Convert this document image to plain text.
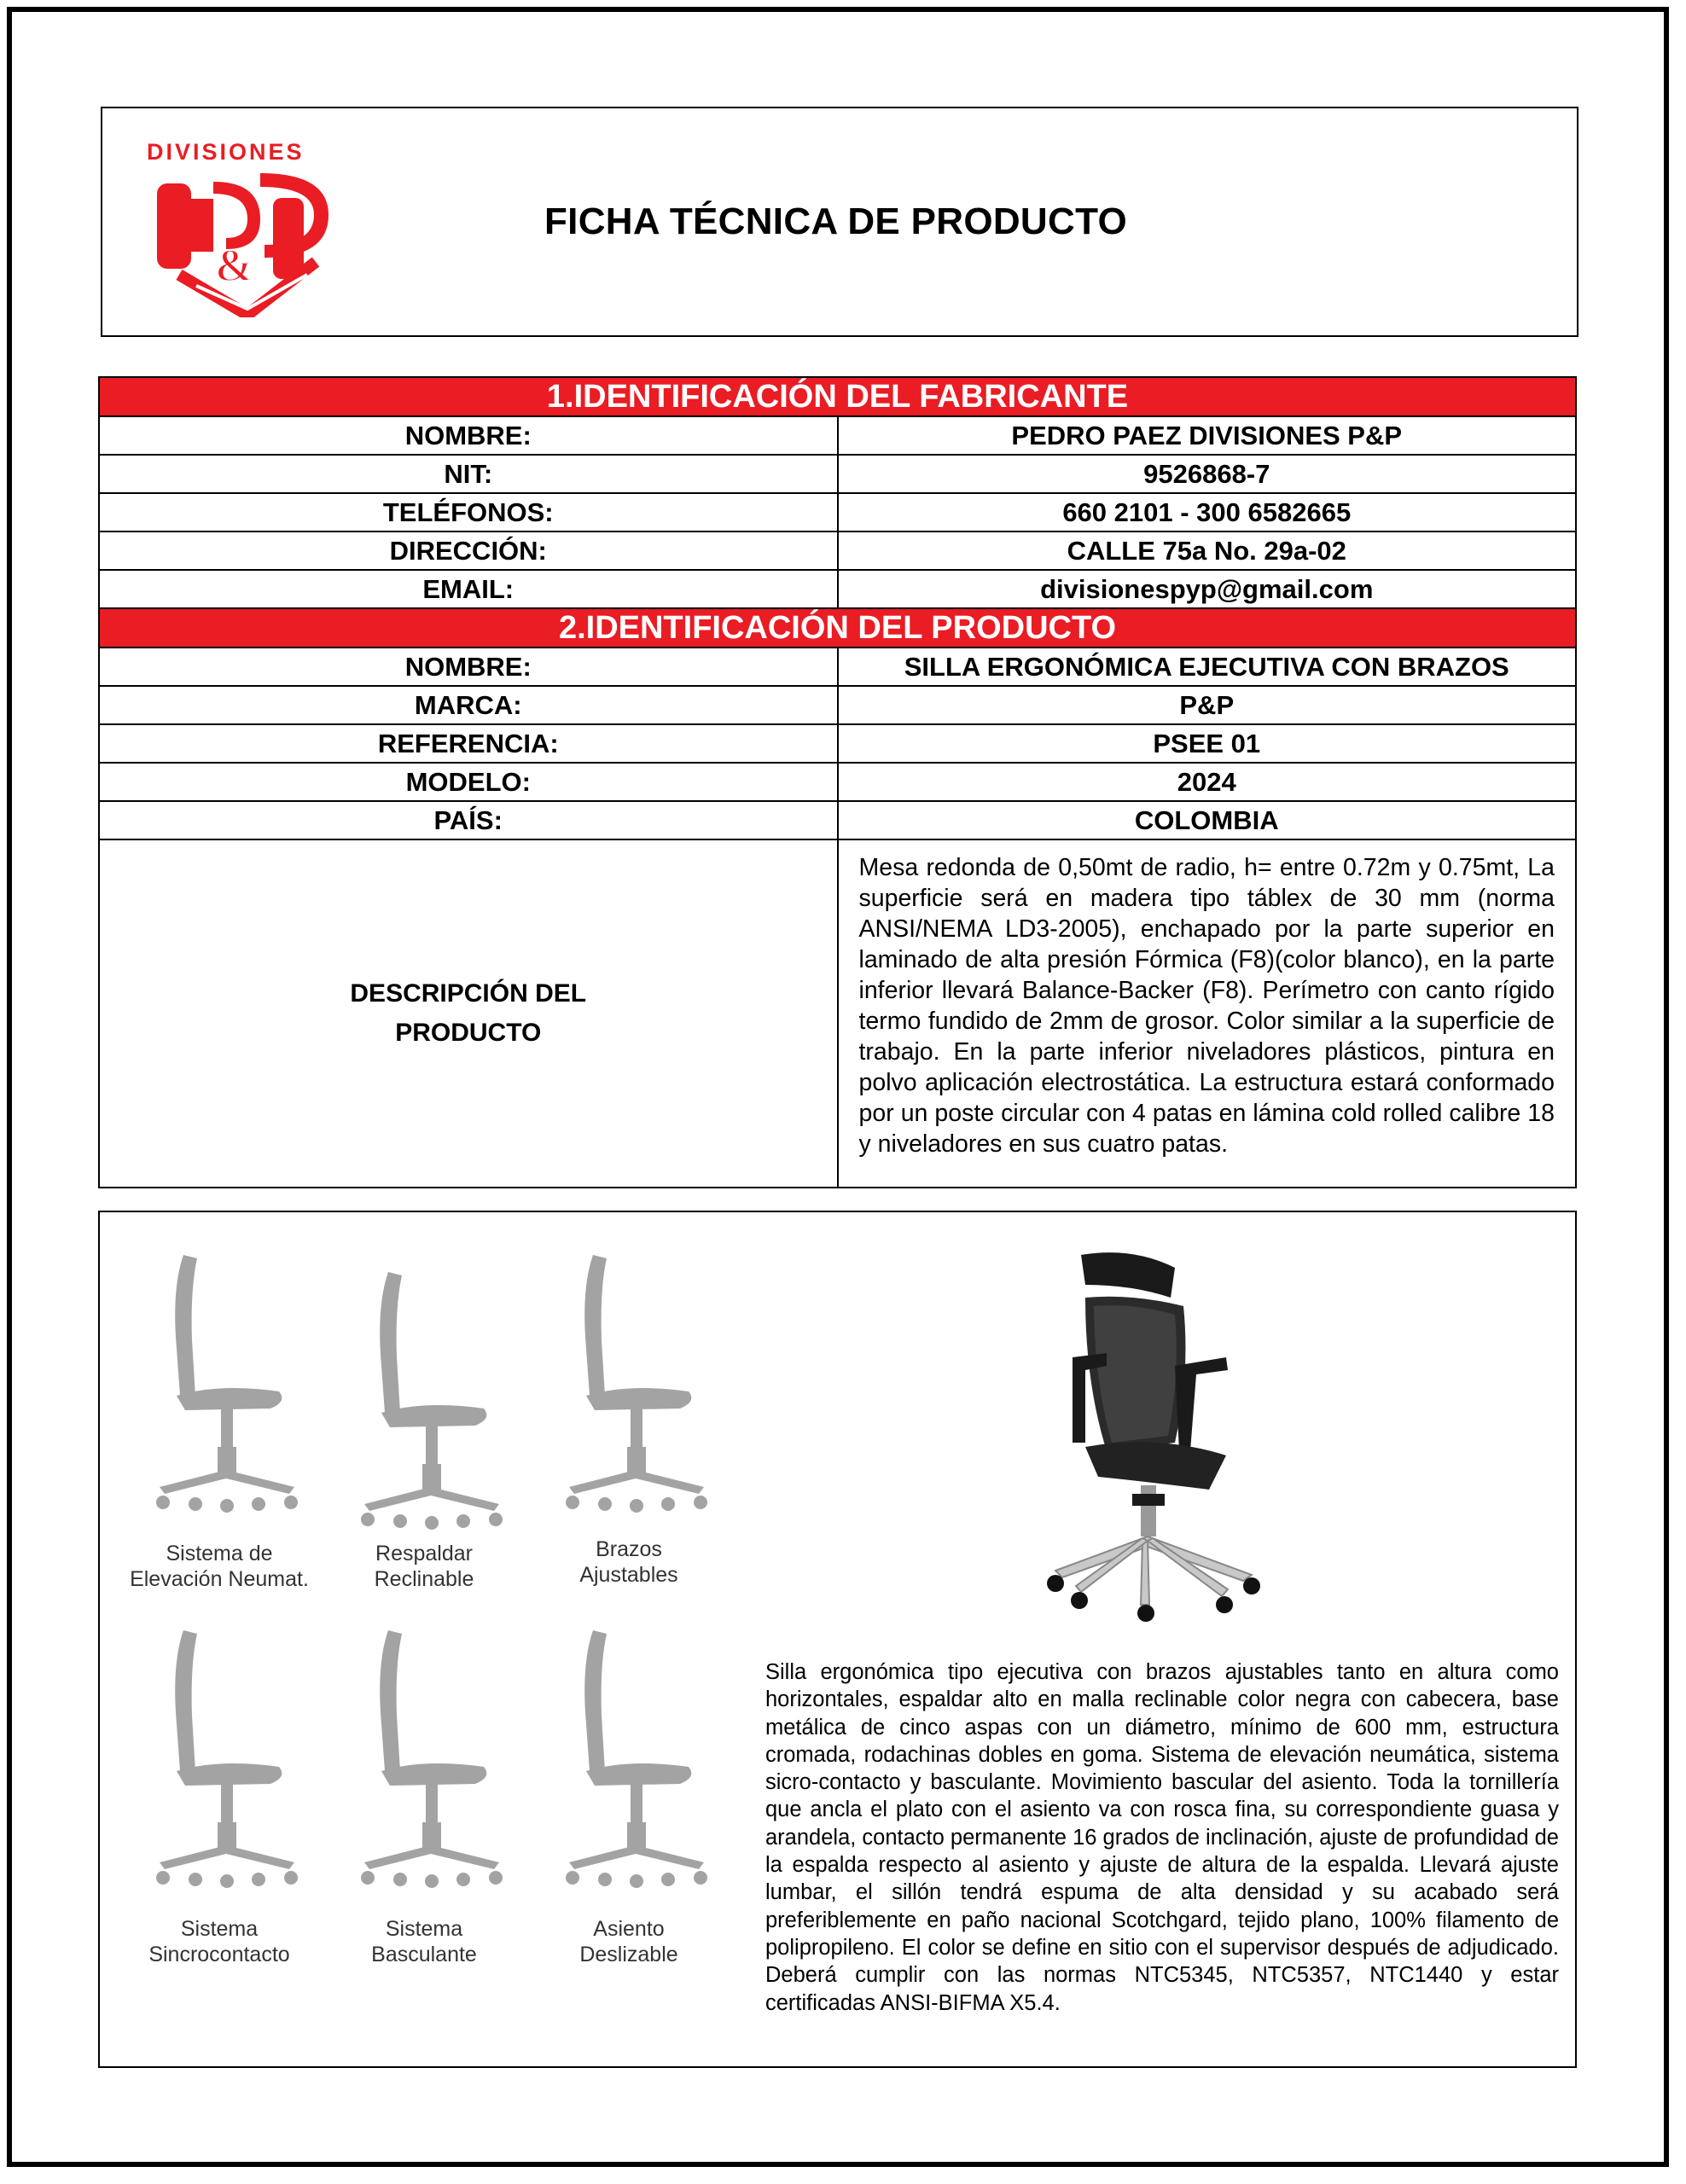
DIVISIONES
&
FICHA TÉCNICA DE PRODUCTO
1.IDENTIFICACIÓN DEL FABRICANTE	
NOMBRE:	PEDRO PAEZ DIVISIONES P&P
NIT:	9526868-7
TELÉFONOS:	660 2101 - 300 6582665
DIRECCIÓN:	CALLE 75a No. 29a-02
EMAIL:	divisionespyp@gmail.com
2.IDENTIFICACIÓN DEL PRODUCTO	
NOMBRE:	SILLA ERGONÓMICA EJECUTIVA CON BRAZOS
MARCA:	P&P
REFERENCIA:	PSEE 01
MODELO:	2024
PAÍS:	COLOMBIA
DESCRIPCIÓN DEL
PRODUCTO	Mesa redonda de 0,50mt de radio, h= entre 0.72m y 0.75mt, La superficie será en madera tipo táblex de 30 mm (norma ANSI/NEMA LD3-2005), enchapado por la parte superior en laminado de alta presión Fórmica (F8)(color blanco), en la parte inferior llevará Balance-Backer (F8). Perímetro con canto rígido termo fundido de 2mm de grosor. Color similar a la superficie de trabajo. En la parte inferior niveladores plásticos, pintura en polvo aplicación electrostática. La estructura estará conformado por un poste circular con 4 patas en lámina cold rolled calibre 18 y niveladores en sus cuatro patas.
Sistema de
Elevación Neumat.
Respaldar
Reclinable
Brazos
Ajustables
Sistema
Sincrocontacto
Sistema
Basculante
Asiento
Deslizable
Silla ergonómica tipo ejecutiva con brazos ajustables tanto en altura como horizontales, espaldar alto en malla reclinable color negra con cabecera, base metálica de cinco aspas con un diámetro, mínimo de 600 mm, estructura cromada, rodachinas dobles en goma. Sistema de elevación neumática, sistema sicro-contacto y basculante. Movimiento bascular del asiento. Toda la tornillería que ancla el plato con el asiento va con rosca fina, su correspondiente guasa y arandela, contacto permanente 16 grados de inclinación, ajuste de profundidad de la espalda respecto al asiento y ajuste de altura de la espalda. Llevará ajuste lumbar, el sillón tendrá espuma de alta densidad y su acabado será preferiblemente en paño nacional Scotchgard, tejido plano, 100% filamento de polipropileno. El color se define en sitio con el supervisor después de adjudicado. Deberá cumplir con las normas NTC5345, NTC5357, NTC1440 y estar certificadas ANSI-BIFMA X5.4.
